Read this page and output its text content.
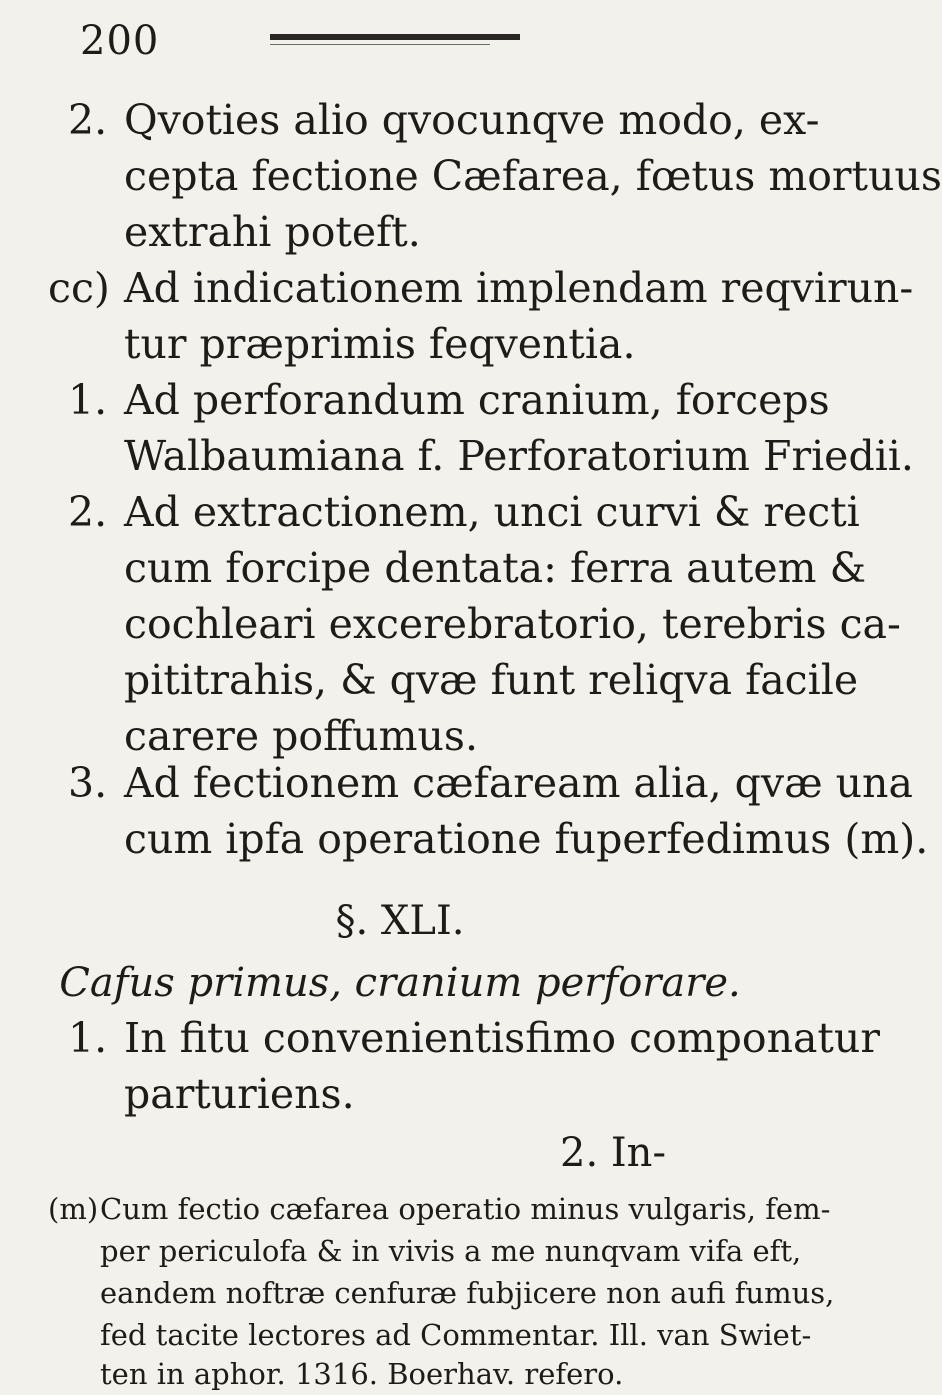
200
2. Qvoties alio qvocunqve modo, ex-
cepta fectione Cæfarea, fœtus mortuus
extrahi poteft.
cc) Ad indicationem implendam reqvirun-
tur præprimis feqventia.
1. Ad perforandum cranium, forceps
Walbaumiana f. Perforatorium Friedii.
2. Ad extractionem, unci curvi & recti
cum forcipe dentata: ferra autem &
cochleari excerebratorio, terebris ca-
pititrahis, & qvæ funt reliqva facile
carere poffumus.
3. Ad fectionem cæfaream alia, qvæ una
cum ipfa operatione fuperfedimus (m).
§. XLI.
Cafus primus, cranium perforare.
1. In fitu convenientisfimo componatur
parturiens.
2. In-
(m) Cum fectio cæfarea operatio minus vulgaris, fem-
per periculofa & in vivis a me nunqvam vifa eft,
eandem noftræ cenfuræ fubjicere non aufi fumus,
fed tacite lectores ad Commentar. Ill. van Swiet-
ten in aphor. 1316. Boerhav. refero.
